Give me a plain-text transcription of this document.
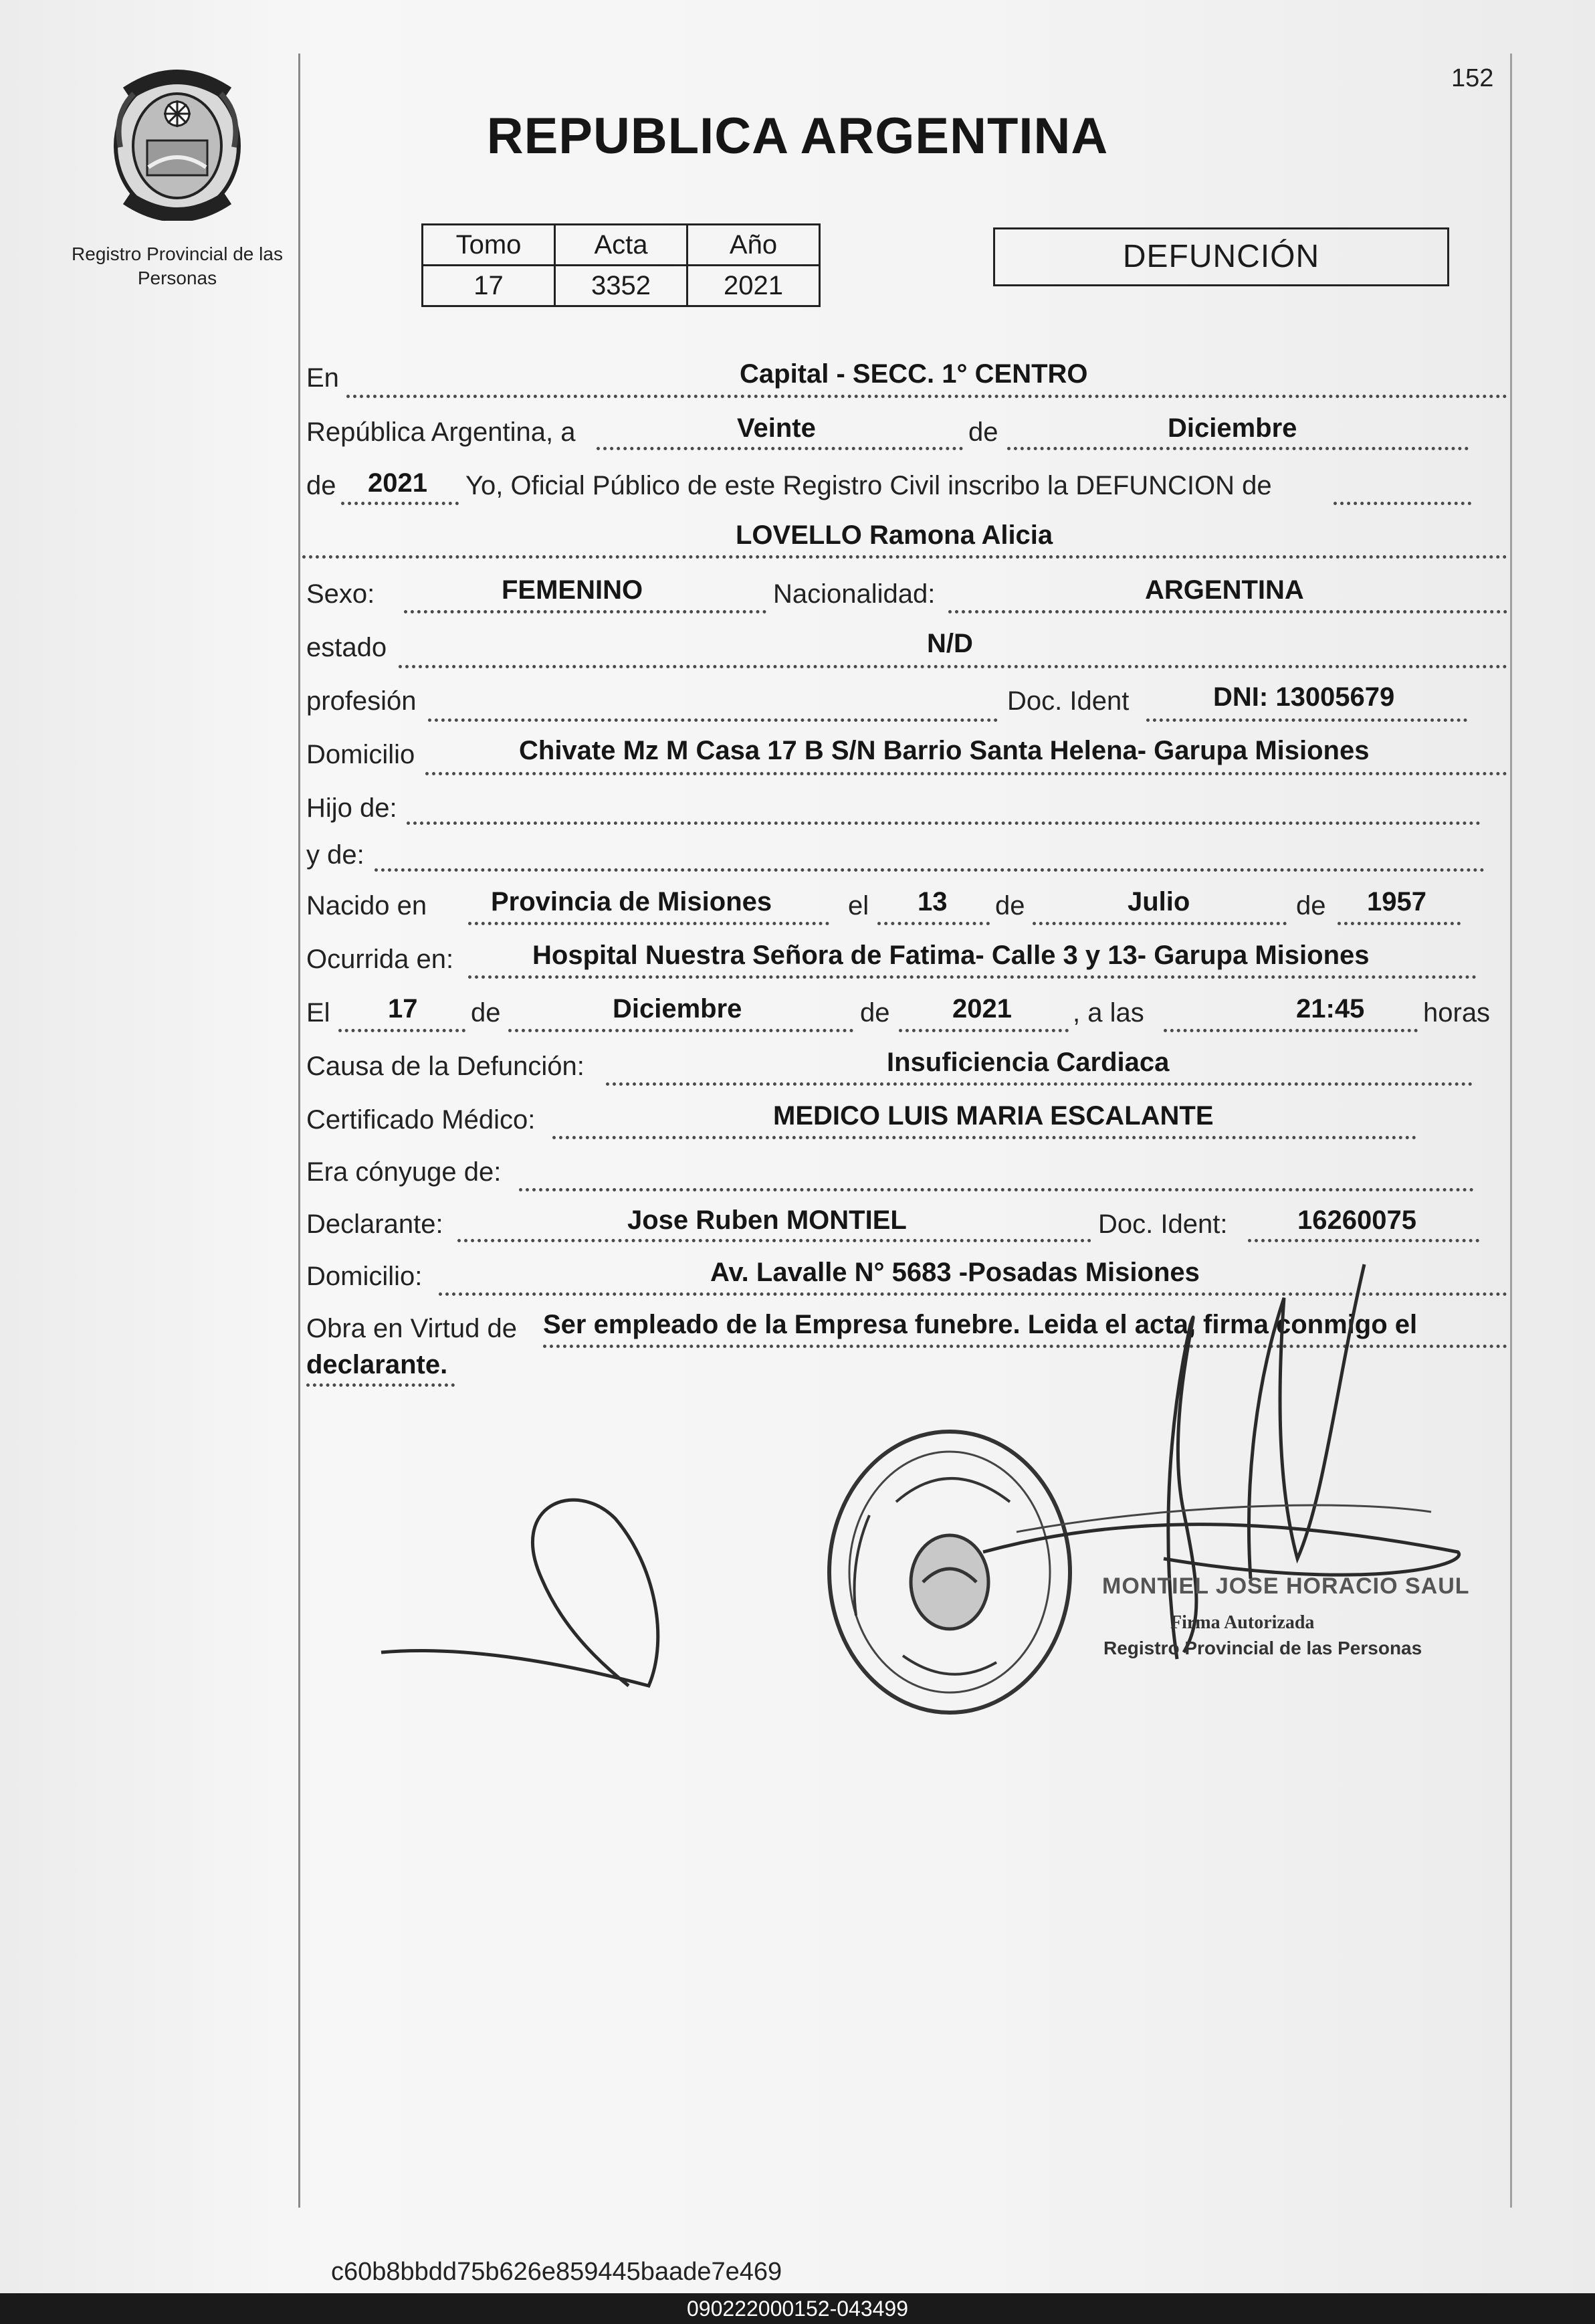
Registro Provincial de las Personas
152
REPUBLICA ARGENTINA
Tomo	Acta	Año
17	3352	2021
DEFUNCIÓN
En	Capital - SECC. 1° CENTRO
República Argentina, a	Veinte	de	Diciembre
de 2021 Yo, Oficial Público de este Registro Civil inscribo la DEFUNCION de
LOVELLO Ramona Alicia
Sexo:	FEMENINO	Nacionalidad:	ARGENTINA
estado	N/D
profesión	Doc. Ident	DNI: 13005679
Domicilio	Chivate Mz M Casa 17 B S/N Barrio Santa Helena- Garupa Misiones
Hijo de:
y de:
Nacido en Provincia de Misiones	el 13 de	Julio	de 1957
Ocurrida en:	Hospital Nuestra Señora de Fatima- Calle 3 y 13- Garupa Misiones
El 17 de	Diciembre	de 2021 , a las	21:45 horas
Causa de la Defunción:	Insuficiencia Cardiaca
Certificado Médico:	MEDICO LUIS MARIA ESCALANTE
Era cónyuge de:
Declarante:	Jose Ruben MONTIEL	Doc. Ident:	16260075
Domicilio:	Av. Lavalle N° 5683 -Posadas Misiones
Obra en Virtud de Ser empleado de la Empresa funebre. Leida el acta, firma conmigo el
declarante.
MONTIEL JOSE HORACIO SAUL
Firma Autorizada
Registro Provincial de las Personas
c60b8bbdd75b626e859445baade7e469
090222000152-043499
